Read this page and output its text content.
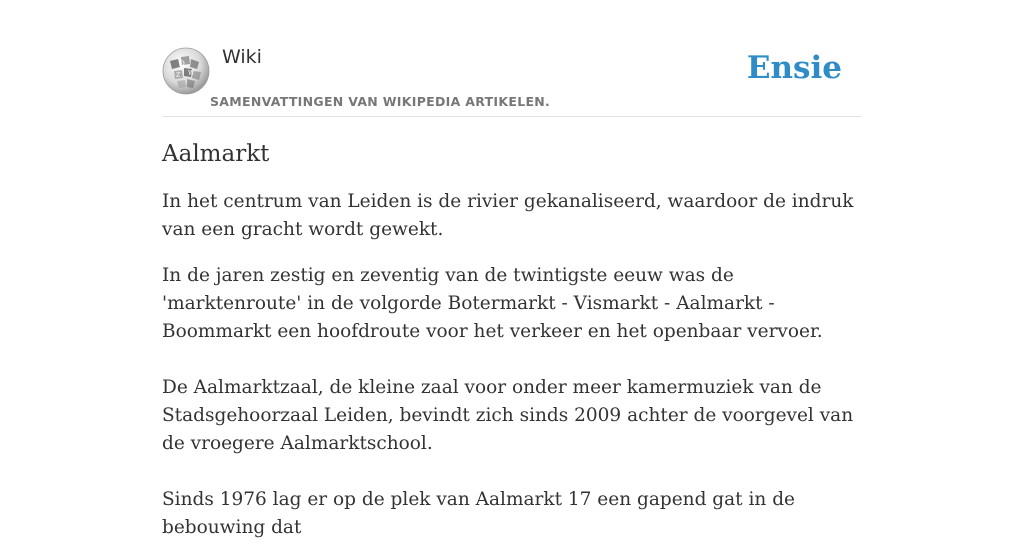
Ω
W
Z
Wiki
SAMENVATTINGEN VAN WIKIPEDIA ARTIKELEN.
Ensie
Aalmarkt

In het centrum van Leiden is de rivier gekanaliseerd, waardoor de indruk van een gracht wordt gewekt.

In de jaren zestig en zeventig van de twintigste eeuw was de 'marktenroute' in de volgorde Botermarkt - Vismarkt - Aalmarkt - Boommarkt een hoofdroute voor het verkeer en het openbaar vervoer.

De Aalmarktzaal, de kleine zaal voor onder meer kamermuziek van de Stadsgehoorzaal Leiden, bevindt zich sinds 2009 achter de voorgevel van de vroegere Aalmarktschool.

Sinds 1976 lag er op de plek van Aalmarkt 17 een gapend gat in de bebouwing dat
